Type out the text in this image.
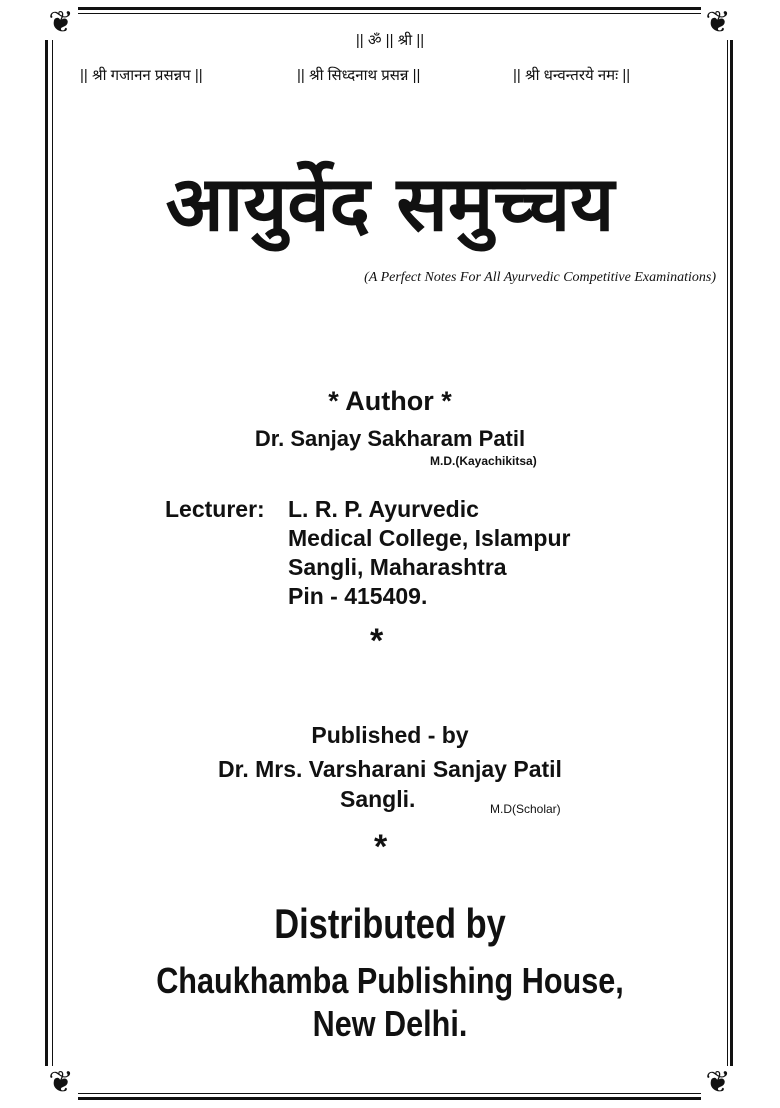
❦	❦
❦	❦
|| ॐ || श्री ||
|| श्री गजानन प्रसन्नप ||	|| श्री सिध्दनाथ प्रसन्न ||	|| श्री धन्वन्तरये नमः ||
आयुर्वेद समुच्चय
(A Perfect Notes For All Ayurvedic Competitive Examinations)
* Author *
Dr. Sanjay Sakharam Patil
M.D.(Kayachikitsa)
Lecturer: L. R. P. Ayurvedic
Medical College, Islampur
Sangli, Maharashtra
Pin - 415409.
*
Published - by
Dr. Mrs. Varsharani Sanjay Patil
Sangli.	M.D(Scholar)
*
Distributed by
Chaukhamba Publishing House,
New Delhi.
